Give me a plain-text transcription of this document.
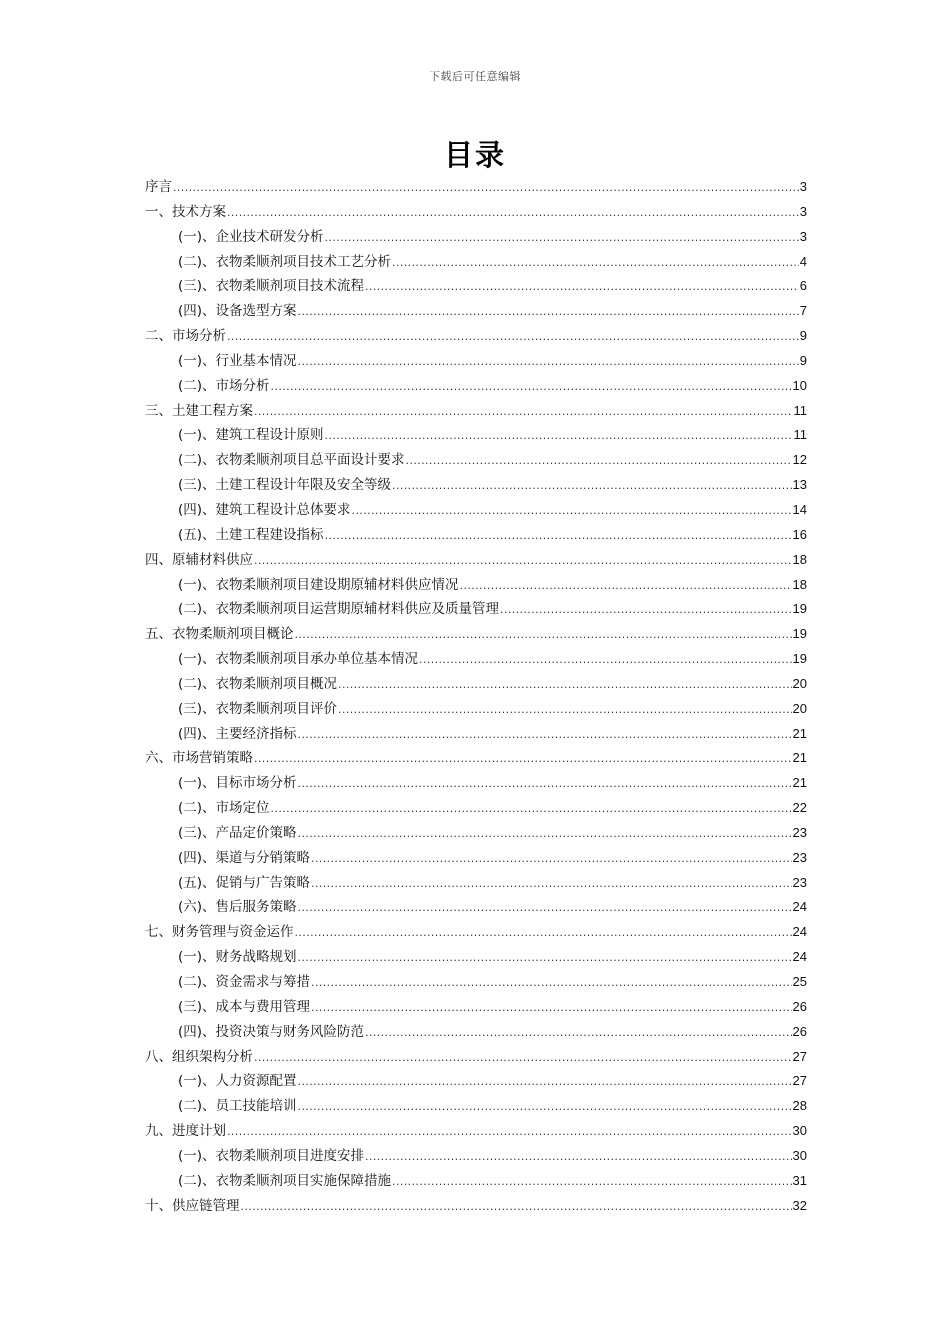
下载后可任意编辑
目录
序言 .....	3
一、技术方案 .....	3
(一)、企业技术研发分析 .....	3
(二)、衣物柔顺剂项目技术工艺分析 .....	4
(三)、衣物柔顺剂项目技术流程 .....	6
(四)、设备选型方案 .....	7
二、市场分析 .....	9
(一)、行业基本情况 .....	9
(二)、市场分析 .....	10
三、土建工程方案 .....	11
(一)、建筑工程设计原则 .....	11
(二)、衣物柔顺剂项目总平面设计要求 .....	12
(三)、土建工程设计年限及安全等级 .....	13
(四)、建筑工程设计总体要求 .....	14
(五)、土建工程建设指标 .....	16
四、原辅材料供应 .....	18
(一)、衣物柔顺剂项目建设期原辅材料供应情况 .....	18
(二)、衣物柔顺剂项目运营期原辅材料供应及质量管理 .....	19
五、衣物柔顺剂项目概论 .....	19
(一)、衣物柔顺剂项目承办单位基本情况 .....	19
(二)、衣物柔顺剂项目概况 .....	20
(三)、衣物柔顺剂项目评价 .....	20
(四)、主要经济指标 .....	21
六、市场营销策略 .....	21
(一)、目标市场分析 .....	21
(二)、市场定位 .....	22
(三)、产品定价策略 .....	23
(四)、渠道与分销策略 .....	23
(五)、促销与广告策略 .....	23
(六)、售后服务策略 .....	24
七、财务管理与资金运作 .....	24
(一)、财务战略规划 .....	24
(二)、资金需求与筹措 .....	25
(三)、成本与费用管理 .....	26
(四)、投资决策与财务风险防范 .....	26
八、组织架构分析 .....	27
(一)、人力资源配置 .....	27
(二)、员工技能培训 .....	28
九、进度计划 .....	30
(一)、衣物柔顺剂项目进度安排 .....	30
(二)、衣物柔顺剂项目实施保障措施 .....	31
十、供应链管理 .....	32
